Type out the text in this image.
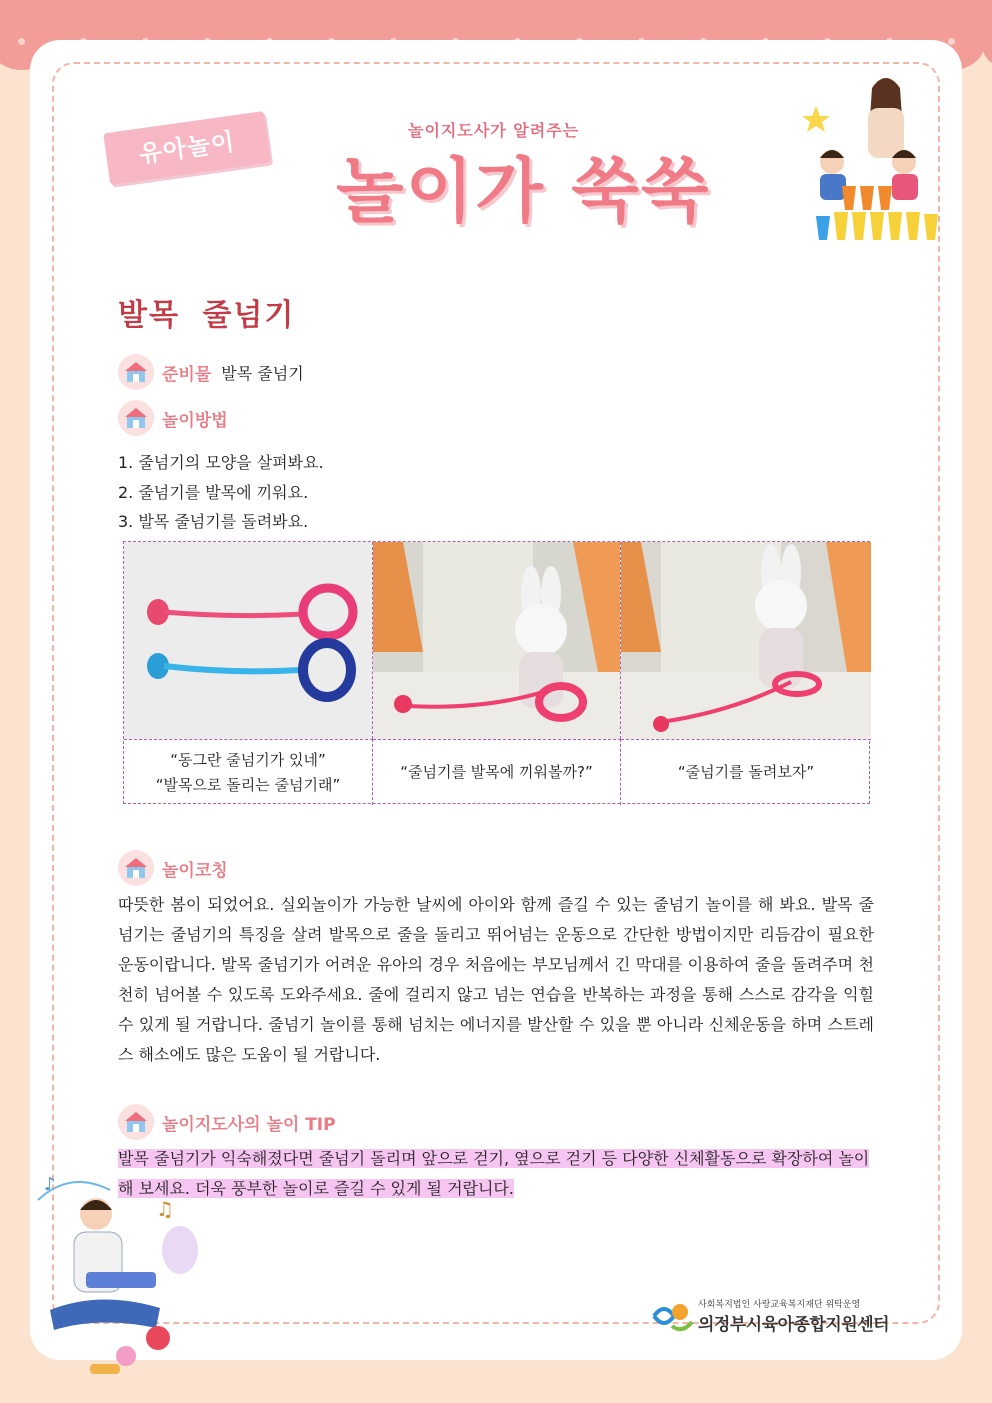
유아놀이	놀이지도사가 알려주는
놀이가 쑥쑥
발목 줄넘기
준비물 발목 줄넘기
놀이방법
1. 줄넘기의 모양을 살펴봐요.
2. 줄넘기를 발목에 끼워요.
3. 발목 줄넘기를 돌려봐요.
“동그란 줄넘기가 있네”
“발목으로 돌리는 줄넘기래”
“줄넘기를 발목에 끼워볼까?”	“줄넘기를 돌려보자”
놀이코칭

따뜻한 봄이 되었어요. 실외놀이가 가능한 날씨에 아이와 함께 즐길 수 있는 줄넘기 놀이를 해 봐요. 발목 줄넘기는 줄넘기의 특징을 살려 발목으로 줄을 돌리고 뛰어넘는 운동으로 간단한 방법이지만 리듬감이 필요한 운동이랍니다. 발목 줄넘기가 어려운 유아의 경우 처음에는 부모님께서 긴 막대를 이용하여 줄을 돌려주며 천천히 넘어볼 수 있도록 도와주세요. 줄에 걸리지 않고 넘는 연습을 반복하는 과정을 통해 스스로 감각을 익힐 수 있게 될 거랍니다. 줄넘기 놀이를 통해 넘치는 에너지를 발산할 수 있을 뿐 아니라 신체운동을 하며 스트레스 해소에도 많은 도움이 될 거랍니다.

놀이지도사의 놀이 TIP

발목 줄넘기가 익숙해졌다면 줄넘기 돌리며 앞으로 걷기, 옆으로 걷기 등 다양한 신체활동으로 확장하여 놀이해 보세요. 더욱 풍부한 놀이로 즐길 수 있게 될 거랍니다.

♪
♫
사회복지법인 사랑교육복지재단 위탁운영
의정부시육아종합지원센터
